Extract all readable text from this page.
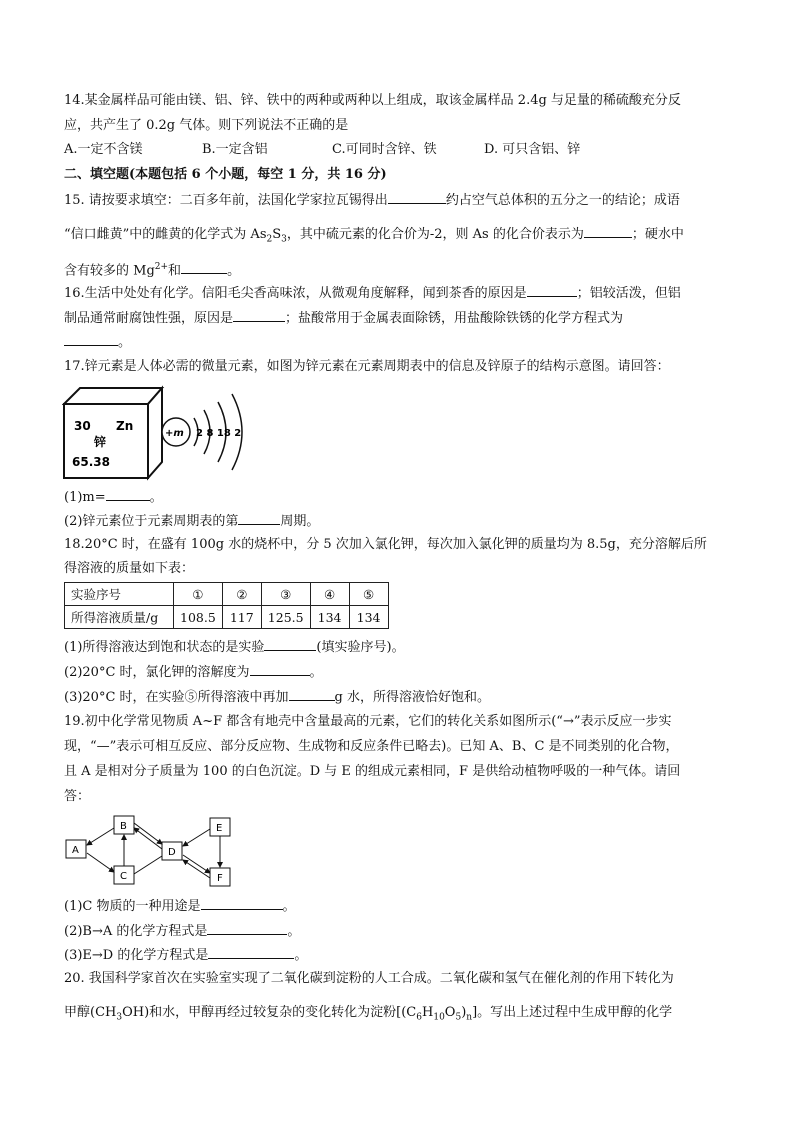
14.某金属样品可能由镁、铝、锌、铁中的两种或两种以上组成，取该金属样品 2.4g 与足量的稀硫酸充分反
应，共产生了 0.2g 气体。则下列说法不正确的是
A.一定不含镁	B.一定含铝	C.可同时含锌、铁	D. 可只含铝、锌
二、填空题(本题包括 6 个小题，每空 1 分，共 16 分)
15. 请按要求填空：二百多年前，法国化学家拉瓦锡得出	约占空气总体积的五分之一的结论；成语
“信口雌黄”中的雌黄的化学式为 $As_2S_3$，其中硫元素的化合价为-2，则 As 的化合价表示为	；硬水中
含有较多的 $Mg^{2+}$和	。
16.生活中处处有化学。信阳毛尖香高味浓，从微观角度解释，闻到茶香的原因是	；铝较活泼，但铝
制品通常耐腐蚀性强，原因是	；盐酸常用于金属表面除锈，用盐酸除铁锈的化学方程式为
。
17.锌元素是人体必需的微量元素，如图为锌元素在元素周期表中的信息及锌原子的结构示意图。请回答：
30 Zn
锌
65.38
+m 2 8 18 2
(1)m=	。
(2)锌元素位于元素周期表的第	周期。
18.20°C 时，在盛有 100g 水的烧杯中，分 5 次加入氯化钾，每次加入氯化钾的质量均为 8.5g，充分溶解后所
得溶液的质量如下表：
实验序号	①	②	③	④	⑤
所得溶液质量/g	108.5	117	125.5	134	134
(1)所得溶液达到饱和状态的是实验	(填实验序号)。
(2)20°C 时，氯化钾的溶解度为	。
(3)20°C 时，在实验⑤所得溶液中再加	g 水，所得溶液恰好饱和。
19.初中化学常见物质 A~F 都含有地壳中含量最高的元素，它们的转化关系如图所示(“→”表示反应一步实
现，“—”表示可相互反应、部分反应物、生成物和反应条件已略去)。已知 A、B、C 是不同类别的化合物，
且 A 是相对分子质量为 100 的白色沉淀。D 与 E 的组成元素相同，F 是供给动植物呼吸的一种气体。请回
答：
A
B
C
D
E
F
(1)C 物质的一种用途是	。
(2)B→A 的化学方程式是	。
(3)E→D 的化学方程式是	。
20. 我国科学家首次在实验室实现了二氧化碳到淀粉的人工合成。二氧化碳和氢气在催化剂的作用下转化为
甲醇$(CH_3OH)$和水，甲醇再经过较复杂的变化转化为淀粉$[(C_6H_{10}O_5)_n]$。写出上述过程中生成甲醇的化学
